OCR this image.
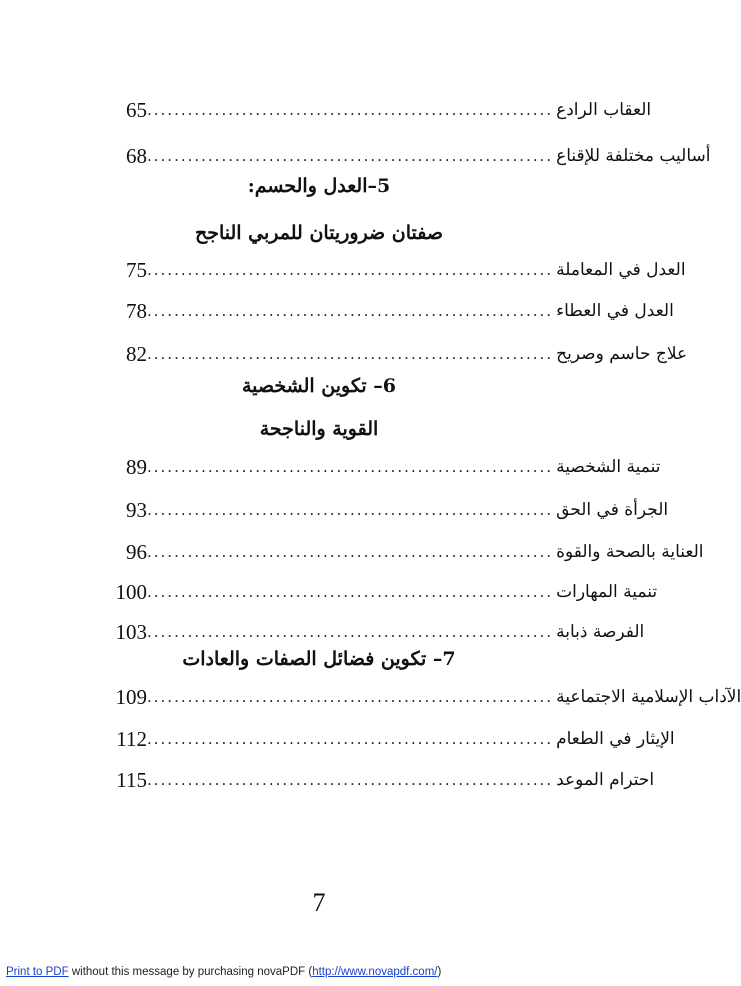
65	العقاب الرادع
............................................................
68	أساليب مختلفة للإقناع
............................................................
5–العدل والحسم:
صفتان ضروريتان للمربي الناجح
75	العدل في المعاملة
............................................................
78	العدل في العطاء
............................................................
82	علاج حاسم وصريح
............................................................
6– تكوين الشخصية
القوية والناجحة
89	تنمية الشخصية
............................................................
93	الجرأة في الحق
............................................................
96	العناية بالصحة والقوة
............................................................
100	تنمية المهارات
............................................................
103	الفرصة ذبابة
............................................................
7– تكوين فضائل الصفات والعادات
109	الآداب الإسلامية الاجتماعية
............................................................
112	الإيثار في الطعام
............................................................
115	احترام الموعد
............................................................
7
Print to PDF without this message by purchasing novaPDF (http://www.novapdf.com/)
